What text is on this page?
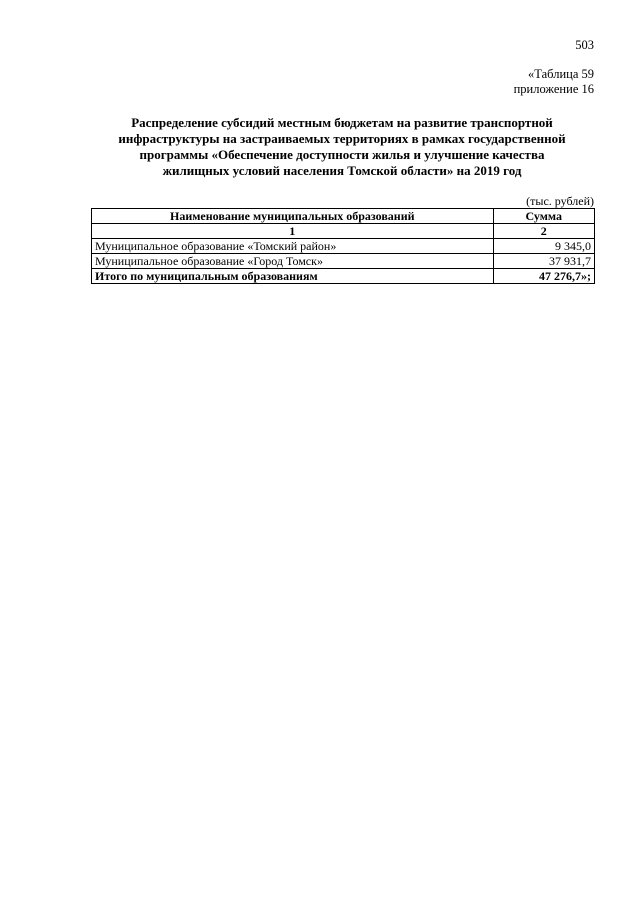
503
«Таблица 59
приложение 16
Распределение субсидий местным бюджетам на развитие транспортной
инфраструктуры на застраиваемых территориях в рамках государственной
программы «Обеспечение доступности жилья и улучшение качества
жилищных условий населения Томской области» на 2019 год
(тыс. рублей)
Наименование муниципальных образований	Сумма
1	2
Муниципальное образование «Томский район»	9 345,0
Муниципальное образование «Город Томск»	37 931,7
Итого по муниципальным образованиям	47 276,7»;
